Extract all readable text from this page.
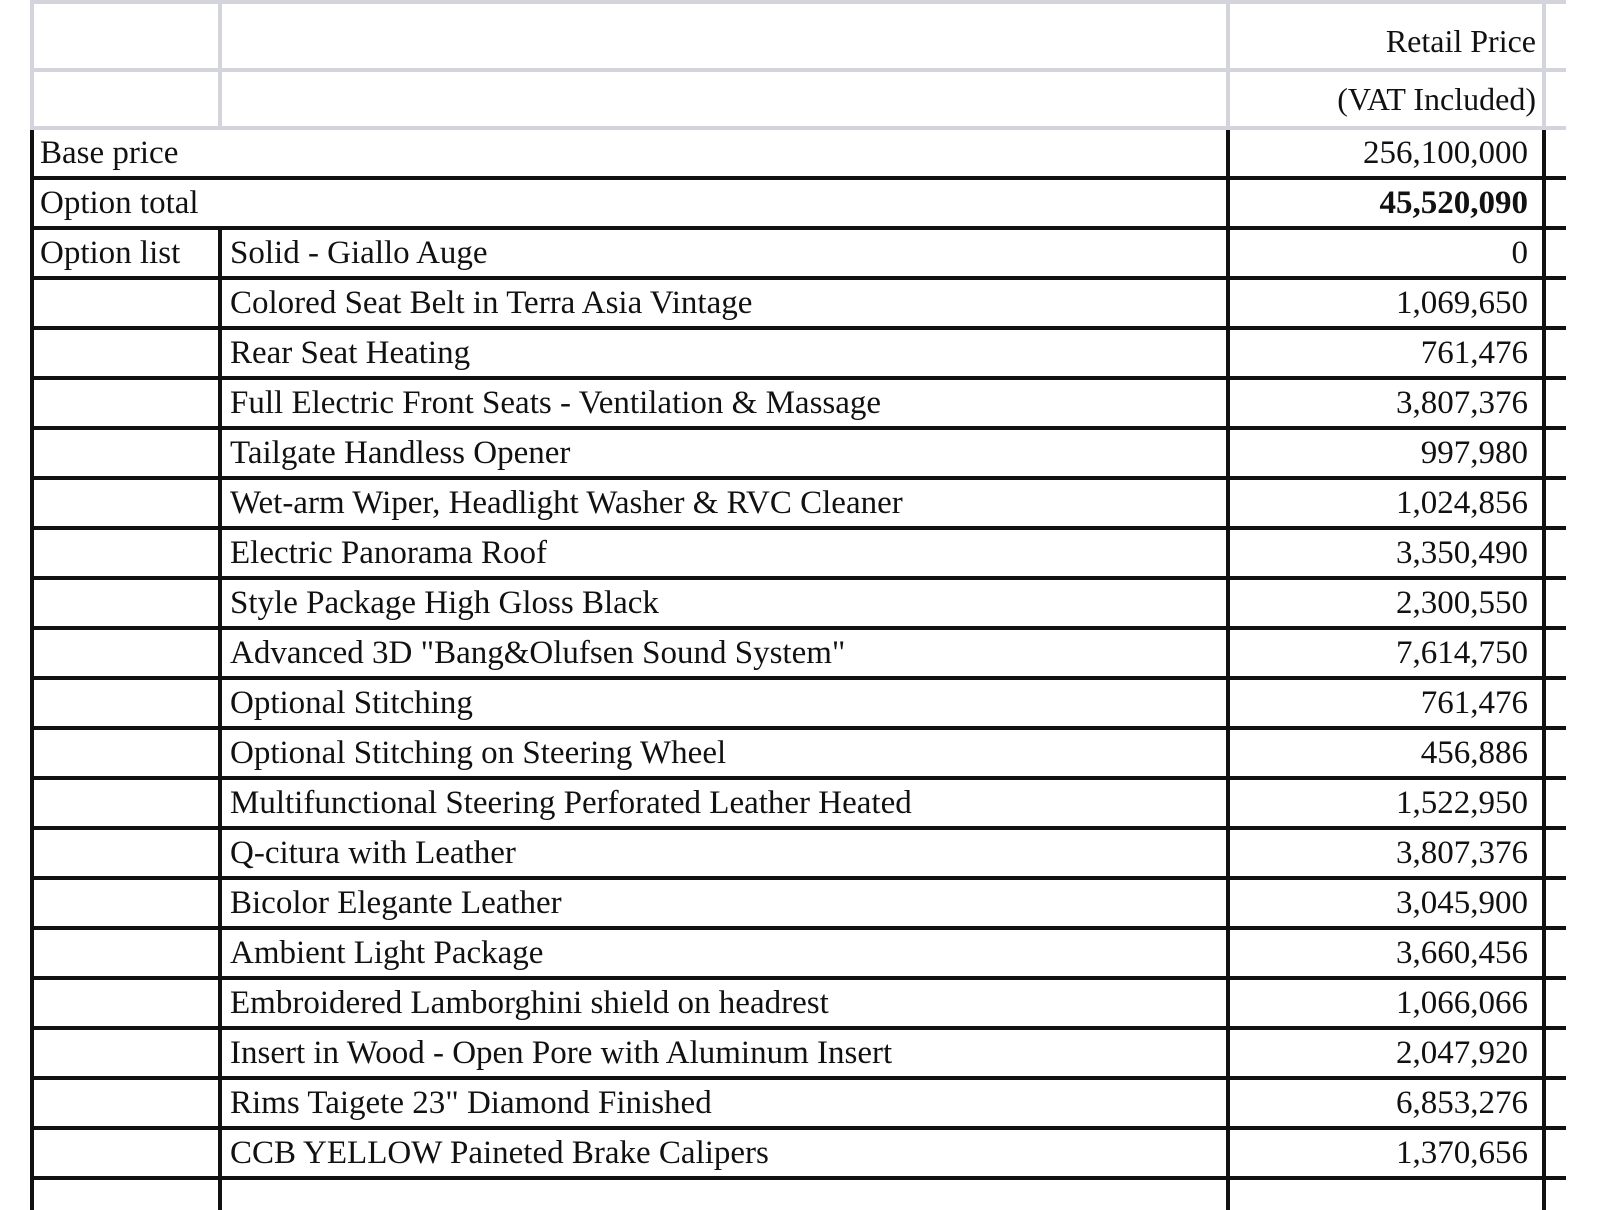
Retail Price
(VAT Included)
Base price	256,100,000
Option total	45,520,090
Option list	Solid - Giallo Auge	0
Colored Seat Belt in Terra Asia Vintage	1,069,650
Rear Seat Heating	761,476
Full Electric Front Seats - Ventilation & Massage	3,807,376
Tailgate Handless Opener	997,980
Wet-arm Wiper, Headlight Washer & RVC Cleaner	1,024,856
Electric Panorama Roof	3,350,490
Style Package High Gloss Black	2,300,550
Advanced 3D "Bang&Olufsen Sound System"	7,614,750
Optional Stitching	761,476
Optional Stitching on Steering Wheel	456,886
Multifunctional Steering Perforated Leather Heated	1,522,950
Q-citura with Leather	3,807,376
Bicolor Elegante Leather	3,045,900
Ambient Light Package	3,660,456
Embroidered Lamborghini shield on headrest	1,066,066
Insert in Wood - Open Pore with Aluminum Insert	2,047,920
Rims Taigete 23" Diamond Finished	6,853,276
CCB YELLOW Paineted Brake Calipers	1,370,656
